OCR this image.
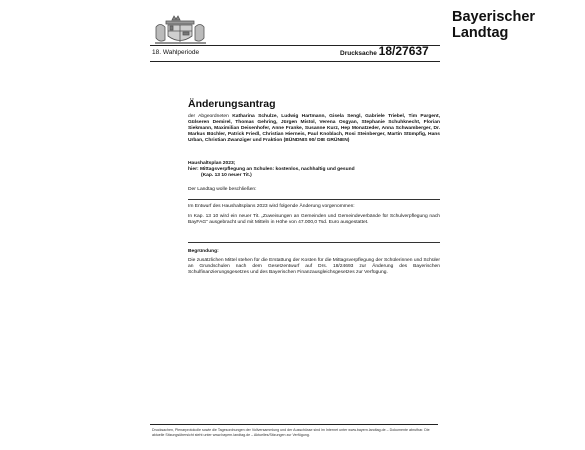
Bayerischer
Landtag
18. Wahlperiode	Drucksache 18/27637
Änderungsantrag
der Abgeordneten Katharina Schulze, Ludwig Hartmann, Gisela Sengl, Gabriele Triebel, Tim Pargent, Gülseren Demirel, Thomas Gehring, Jürgen Mistol, Verena Osgyan, Stephanie Schuhknecht, Florian Siekmann, Maximilian Deisenhofer, Anne Franke, Susanne Kurz, Hep Monatzeder, Anna Schwamberger, Dr. Markus Büchler, Patrick Friedl, Christian Hierneis, Paul Knoblach, Rosi Steinberger, Martin Stümpfig, Hans Urban, Christian Zwanziger und Fraktion (BÜNDNIS 90/ DIE GRÜNEN)
Haushaltsplan 2023;
hier: Mittagsverpflegung an Schulen: kostenlos, nachhaltig und gesund
(Kap. 13 10 neuer Tit.)
Der Landtag wolle beschließen:
Im Entwurf des Haushaltsplans 2023 wird folgende Änderung vorgenommen:
In Kap. 13 10 wird ein neuer Tit. „Zuweisungen an Gemeinden und Gemeindeverbände für Schulverpflegung nach BayFAG“ ausgebracht und mit Mitteln in Höhe von 47.000,0 Tsd. Euro ausgestattet.
Begründung:
Die zusätzlichen Mittel stehen für die Erstattung der Kosten für die Mittagsverpflegung der Schülerinnen und Schüler an Grundschulen nach dem Gesetzentwurf auf Drs. 18/24693 zur Änderung des Bayerischen Schulfinanzierungsgesetzes und des Bayerischen Finanzausgleichsgesetzes zur Verfügung.
Drucksachen, Plenarprotokolle sowie die Tagesordnungen der Vollversammlung und der Ausschüsse sind im Internet unter www.bayern.landtag.de – Dokumente abrufbar. Die aktuelle Sitzungsübersicht steht unter www.bayern.landtag.de – Aktuelles/Sitzungen zur Verfügung.
